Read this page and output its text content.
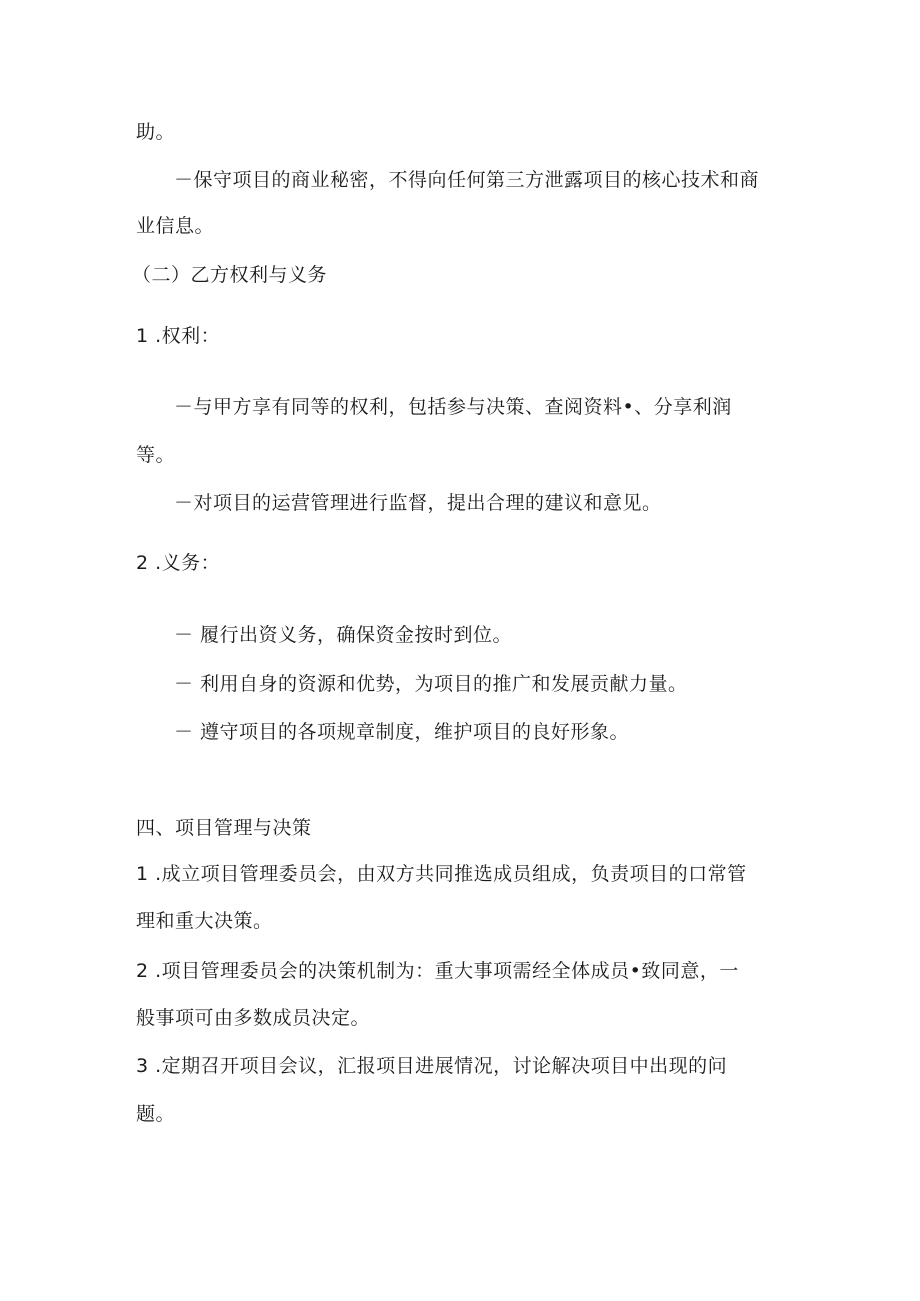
助。
－保守项目的商业秘密，不得向任何第三方泄露项目的核心技术和商
业信息。
（二）乙方权利与义务
1 .权利：
－与甲方享有同等的权利，包括参与决策、查阅资料•、分享利润
等。
－对项目的运营管理进行监督，提出合理的建议和意见。
2 .义务：
－ 履行出资义务，确保资金按时到位。
－ 利用自身的资源和优势，为项目的推广和发展贡献力量。
－ 遵守项目的各项规章制度，维护项目的良好形象。
四、项目管理与决策
1 .成立项目管理委员会，由双方共同推选成员组成，负责项目的口常管
理和重大决策。
2 .项目管理委员会的决策机制为：重大事项需经全体成员•致同意，一
般事项可由多数成员决定。
3 .定期召开项目会议，汇报项目进展情况，讨论解决项目中出现的问
题。
